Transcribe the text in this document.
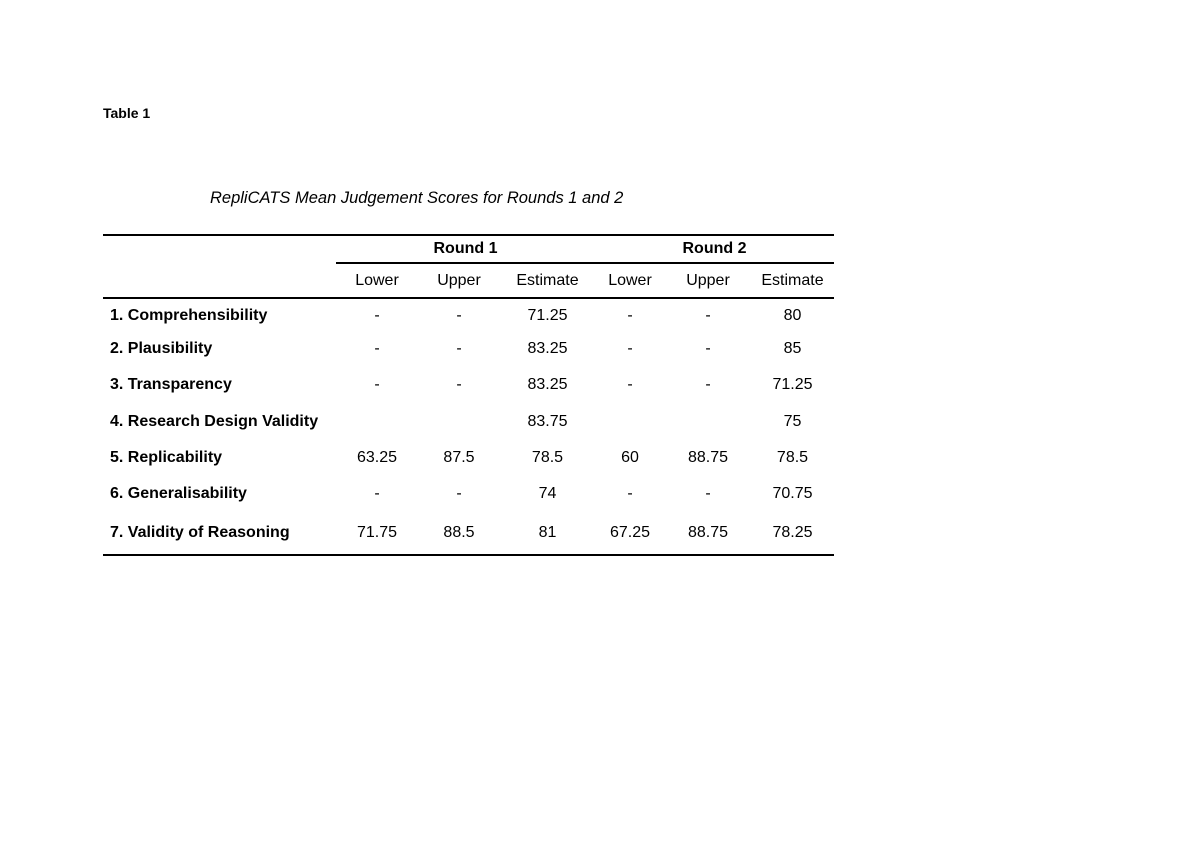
Table 1
RepliCATS Mean Judgement Scores for Rounds 1 and 2
	Round 1			Round 2		
	Lower	Upper	Estimate	Lower	Upper	Estimate
1. Comprehensibility	-	-	71.25	-	-	80
2. Plausibility	-	-	83.25	-	-	85
3. Transparency	-	-	83.25	-	-	71.25
4. Research Design Validity			83.75			75
5. Replicability	63.25	87.5	78.5	60	88.75	78.5
6. Generalisability	-	-	74	-	-	70.75
7. Validity of Reasoning	71.75	88.5	81	67.25	88.75	78.25
